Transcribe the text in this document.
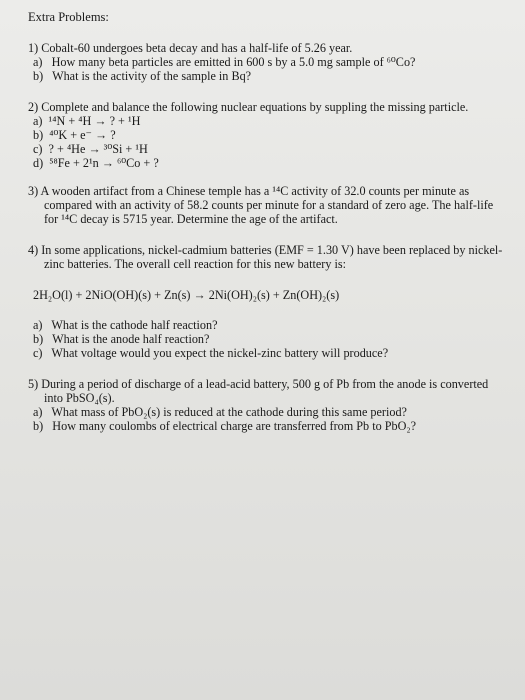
Extra Problems:
1) Cobalt-60 undergoes beta decay and has a half-life of 5.26 year.
a)   How many beta particles are emitted in 600 s by a 5.0 mg sample of ⁶⁰Co?
b)   What is the activity of the sample in Bq?
2) Complete and balance the following nuclear equations by suppling the missing particle.
a)  ¹⁴N + ⁴H → ? + ¹H
b)  ⁴⁰K + e⁻ → ?
c)  ? + ⁴He → ³⁰Si + ¹H
d)  ⁵⁸Fe + 2¹n → ⁶⁰Co + ?
3) A wooden artifact from a Chinese temple has a ¹⁴C activity of 32.0 counts per minute as
compared with an activity of 58.2 counts per minute for a standard of zero age. The half-life
for ¹⁴C decay is 5715 year. Determine the age of the artifact.
4) In some applications, nickel-cadmium batteries (EMF = 1.30 V) have been replaced by nickel-
zinc batteries. The overall cell reaction for this new battery is:
2H₂O(l) + 2NiO(OH)(s) + Zn(s) → 2Ni(OH)₂(s) + Zn(OH)₂(s)
a)   What is the cathode half reaction?
b)   What is the anode half reaction?
c)   What voltage would you expect the nickel-zinc battery will produce?
5) During a period of discharge of a lead-acid battery, 500 g of Pb from the anode is converted
into PbSO₄(s).
a)   What mass of PbO₂(s) is reduced at the cathode during this same period?
b)   How many coulombs of electrical charge are transferred from Pb to PbO₂?
